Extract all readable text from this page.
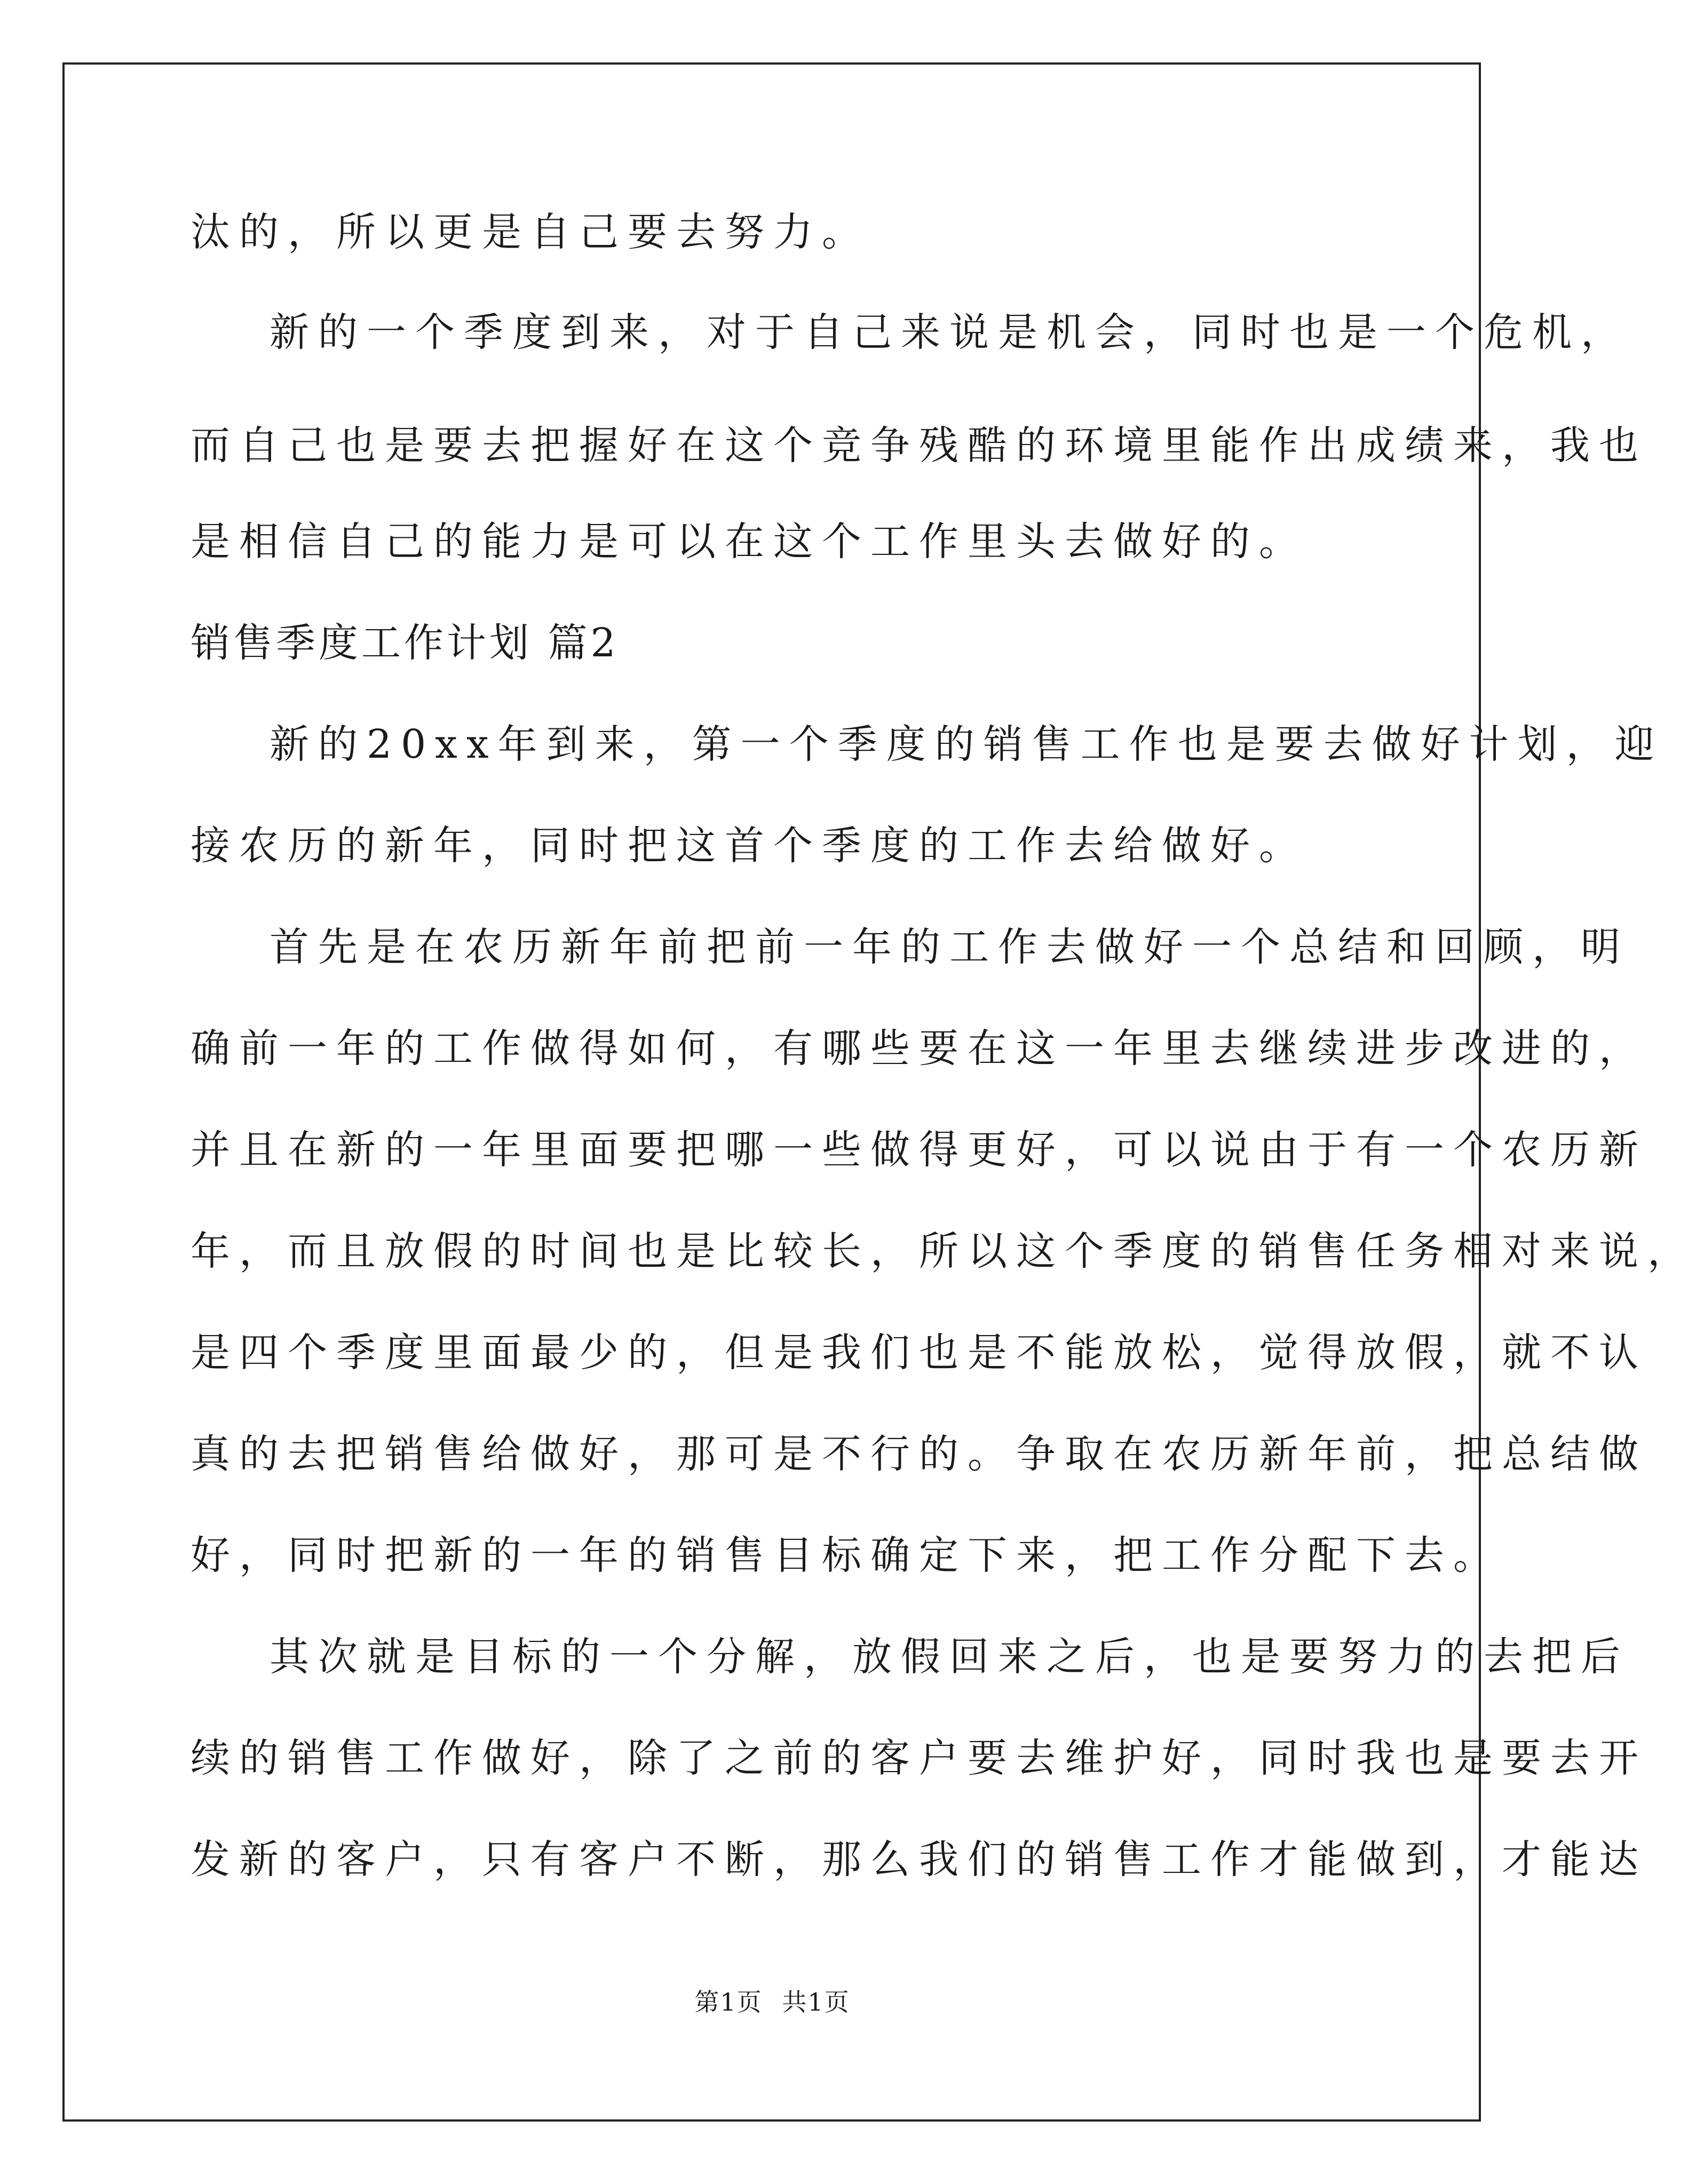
汰的，所以更是自己要去努力。
新的一个季度到来，对于自己来说是机会，同时也是一个危机，
而自己也是要去把握好在这个竞争残酷的环境里能作出成绩来，我也
是相信自己的能力是可以在这个工作里头去做好的。
销售季度工作计划 篇2
新的20xx年到来，第一个季度的销售工作也是要去做好计划，迎
接农历的新年，同时把这首个季度的工作去给做好。
首先是在农历新年前把前一年的工作去做好一个总结和回顾，明
确前一年的工作做得如何，有哪些要在这一年里去继续进步改进的，
并且在新的一年里面要把哪一些做得更好，可以说由于有一个农历新
年，而且放假的时间也是比较长，所以这个季度的销售任务相对来说，
是四个季度里面最少的，但是我们也是不能放松，觉得放假，就不认
真的去把销售给做好，那可是不行的。争取在农历新年前，把总结做
好，同时把新的一年的销售目标确定下来，把工作分配下去。
其次就是目标的一个分解，放假回来之后，也是要努力的去把后
续的销售工作做好，除了之前的客户要去维护好，同时我也是要去开
发新的客户，只有客户不断，那么我们的销售工作才能做到，才能达
第1页 共1页
